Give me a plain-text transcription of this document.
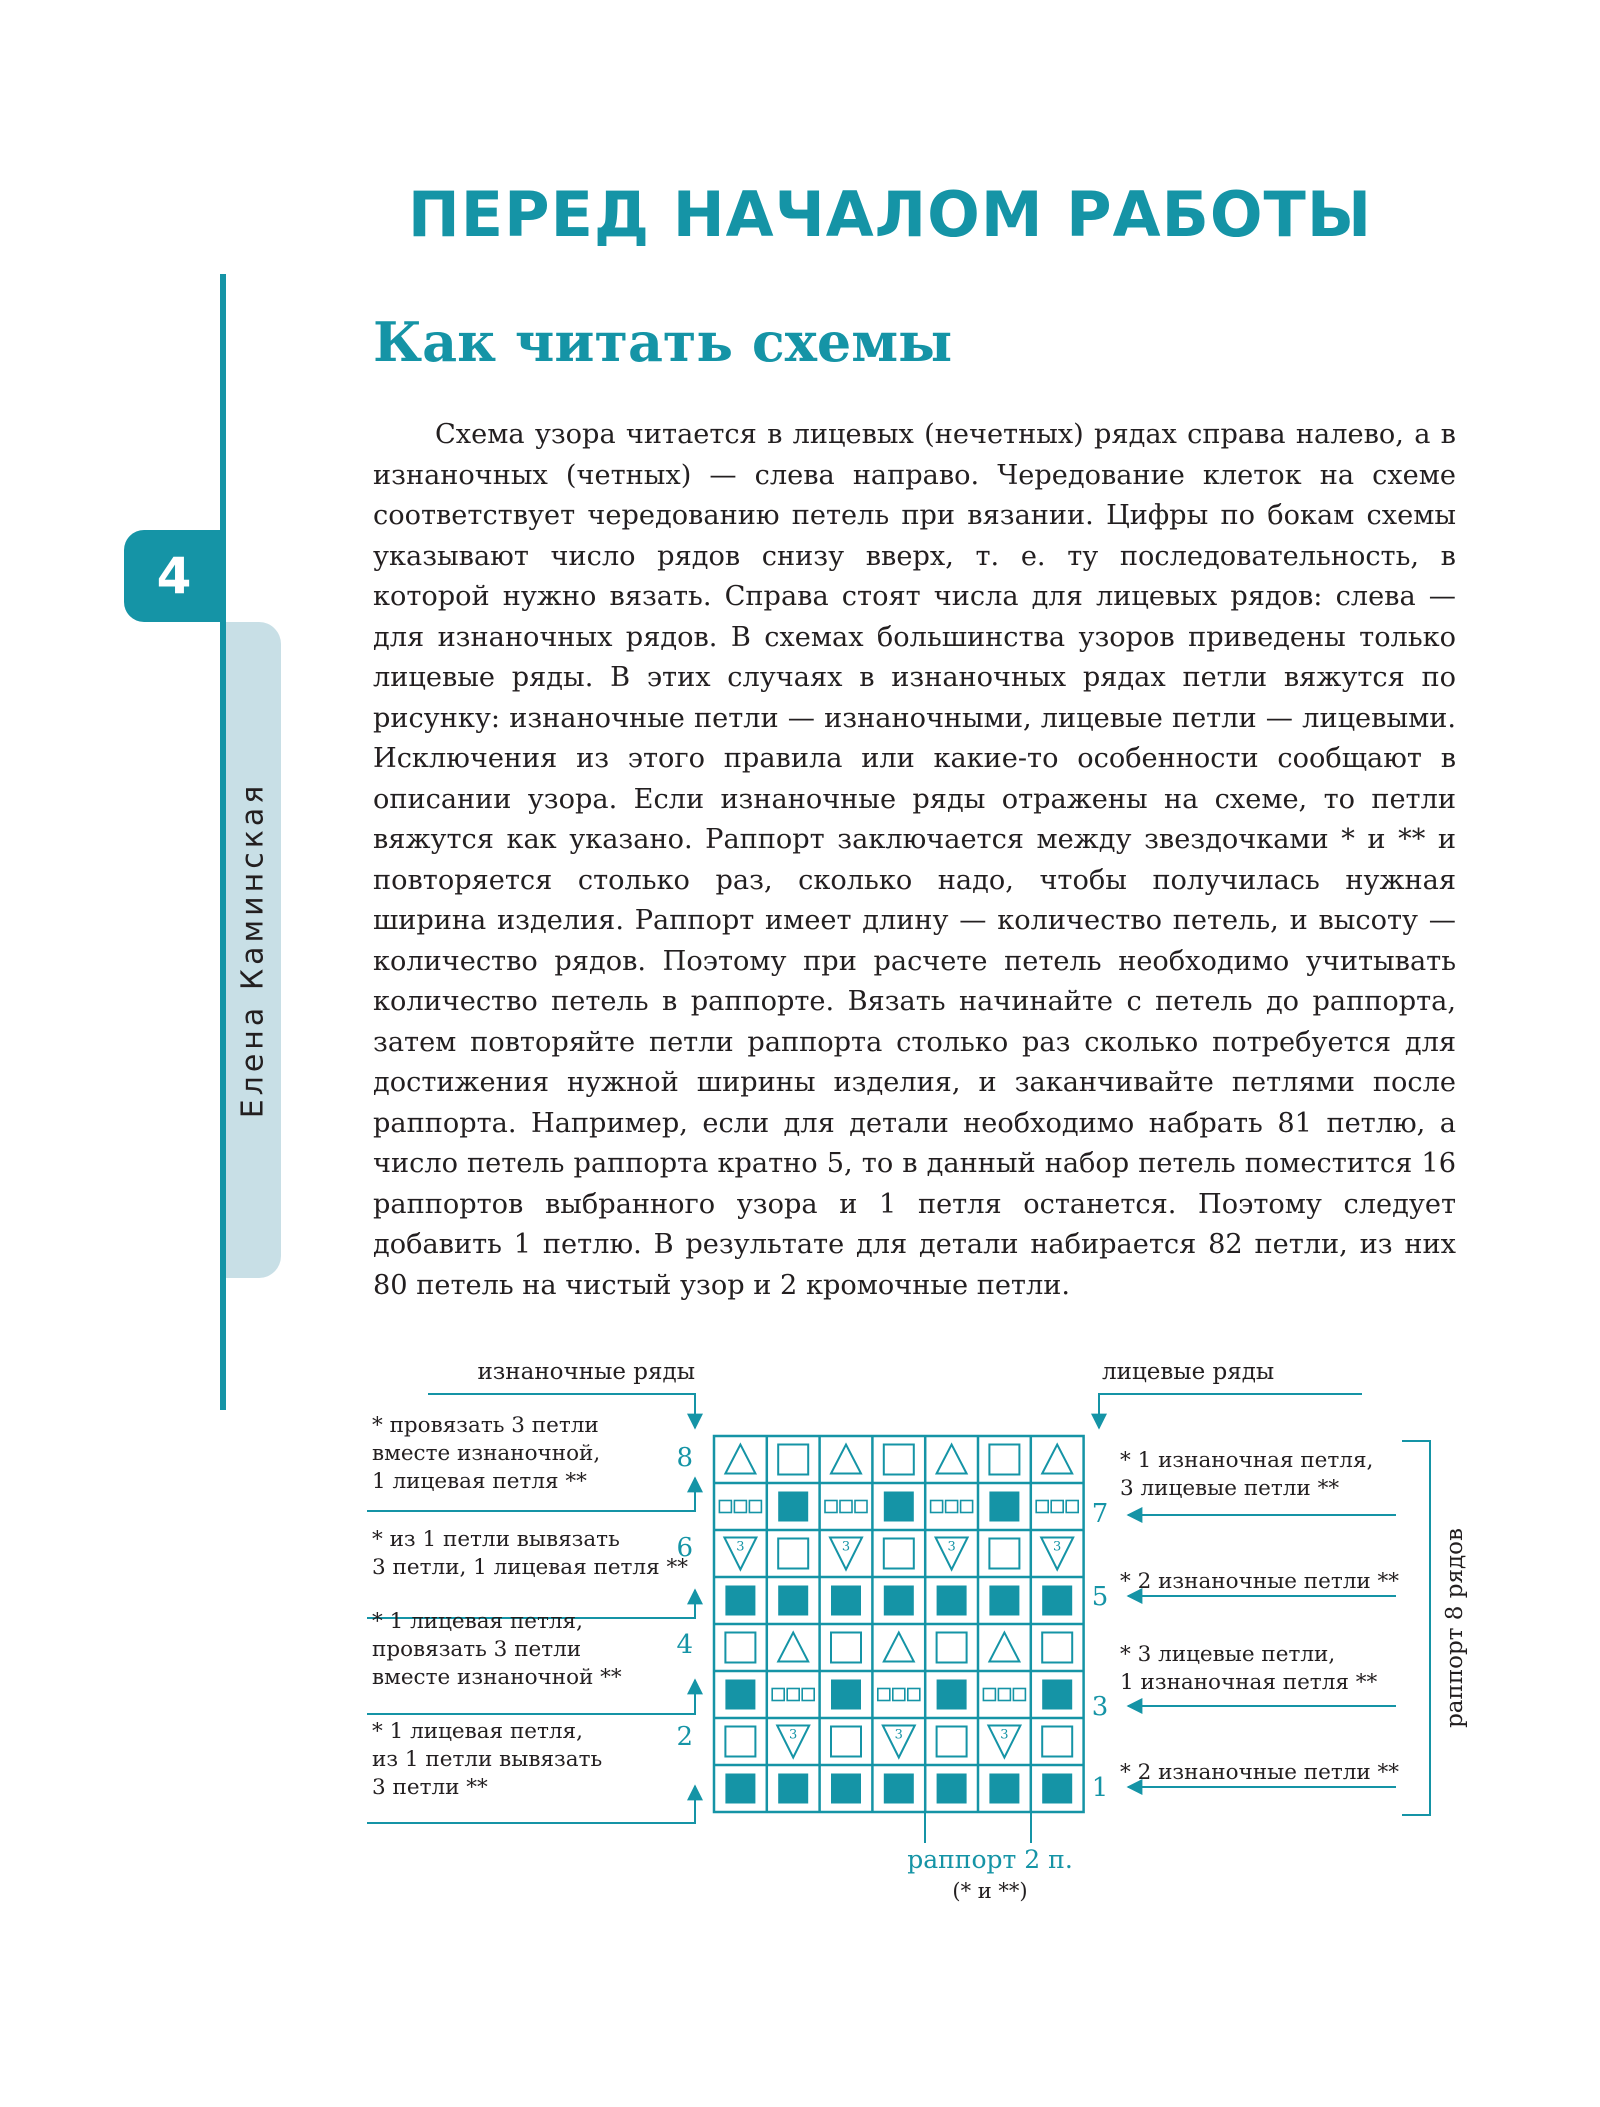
ПЕРЕД НАЧАЛОМ РАБОТЫ
Как читать схемы
4
Елена Каминская

Схема узора читается в лицевых (нечетных) рядах справа налево, а в изнаночных (четных) — слева направо. Чередование клеток на схеме соответствует чередованию петель при вязании. Цифры по бокам схемы указывают число рядов снизу вверх, т. е. ту последовательность, в которой нужно вязать. Справа стоят числа для лицевых рядов: слева — для изнаночных рядов. В схемах большинства узоров приведены только лицевые ряды. В этих случаях в изнаночных рядах петли вяжутся по рисунку: изнаночные петли — изнаночными, лицевые петли — лицевыми. Исключения из этого правила или какие-то особенности сообщают в описании узора. Если изнаночные ряды отражены на схеме, то петли вяжутся как указано. Раппорт заключается между звездочками * и ** и повторяется столько раз, сколько надо, чтобы получилась нужная ширина изделия. Раппорт имеет длину — количество петель, и высоту — количество рядов. Поэтому при расчете петель необходимо учитывать количество петель в раппорте. Вязать начинайте с петель до раппорта, затем повторяйте петли раппорта столько раз сколько потребуется для достижения нужной ширины изделия, и заканчивайте петлями после раппорта. Например, если для детали необходимо набрать 81 петлю, а число петель раппорта кратно 5, то в данный набор петель поместится 16 раппортов выбранного узора и 1 петля останется. Поэтому следует добавить 1 петлю. В результате для детали набирается 82 петли, из них 80 петель на чистый узор и 2 кромочные петли.

3	3	3	3
3	3	3
изнаночные ряды	лицевые ряды
* провязать 3 петли
вместе изнаночной,
1 лицевая петля **
8
* из 1 петли вывязать
3 петли, 1 лицевая петля **
6
* 1 лицевая петля,
провязать 3 петли
вместе изнаночной **
4
* 1 лицевая петля,
из 1 петли вывязать
3 петли **
2
* 1 изнаночная петля,
3 лицевые петли **
7
* 2 изнаночные петли **
5
* 3 лицевые петли,
1 изнаночная петля **
3
* 2 изнаночные петли **
1
раппорт 8 рядов
раппорт 2 п.
(* и **)
